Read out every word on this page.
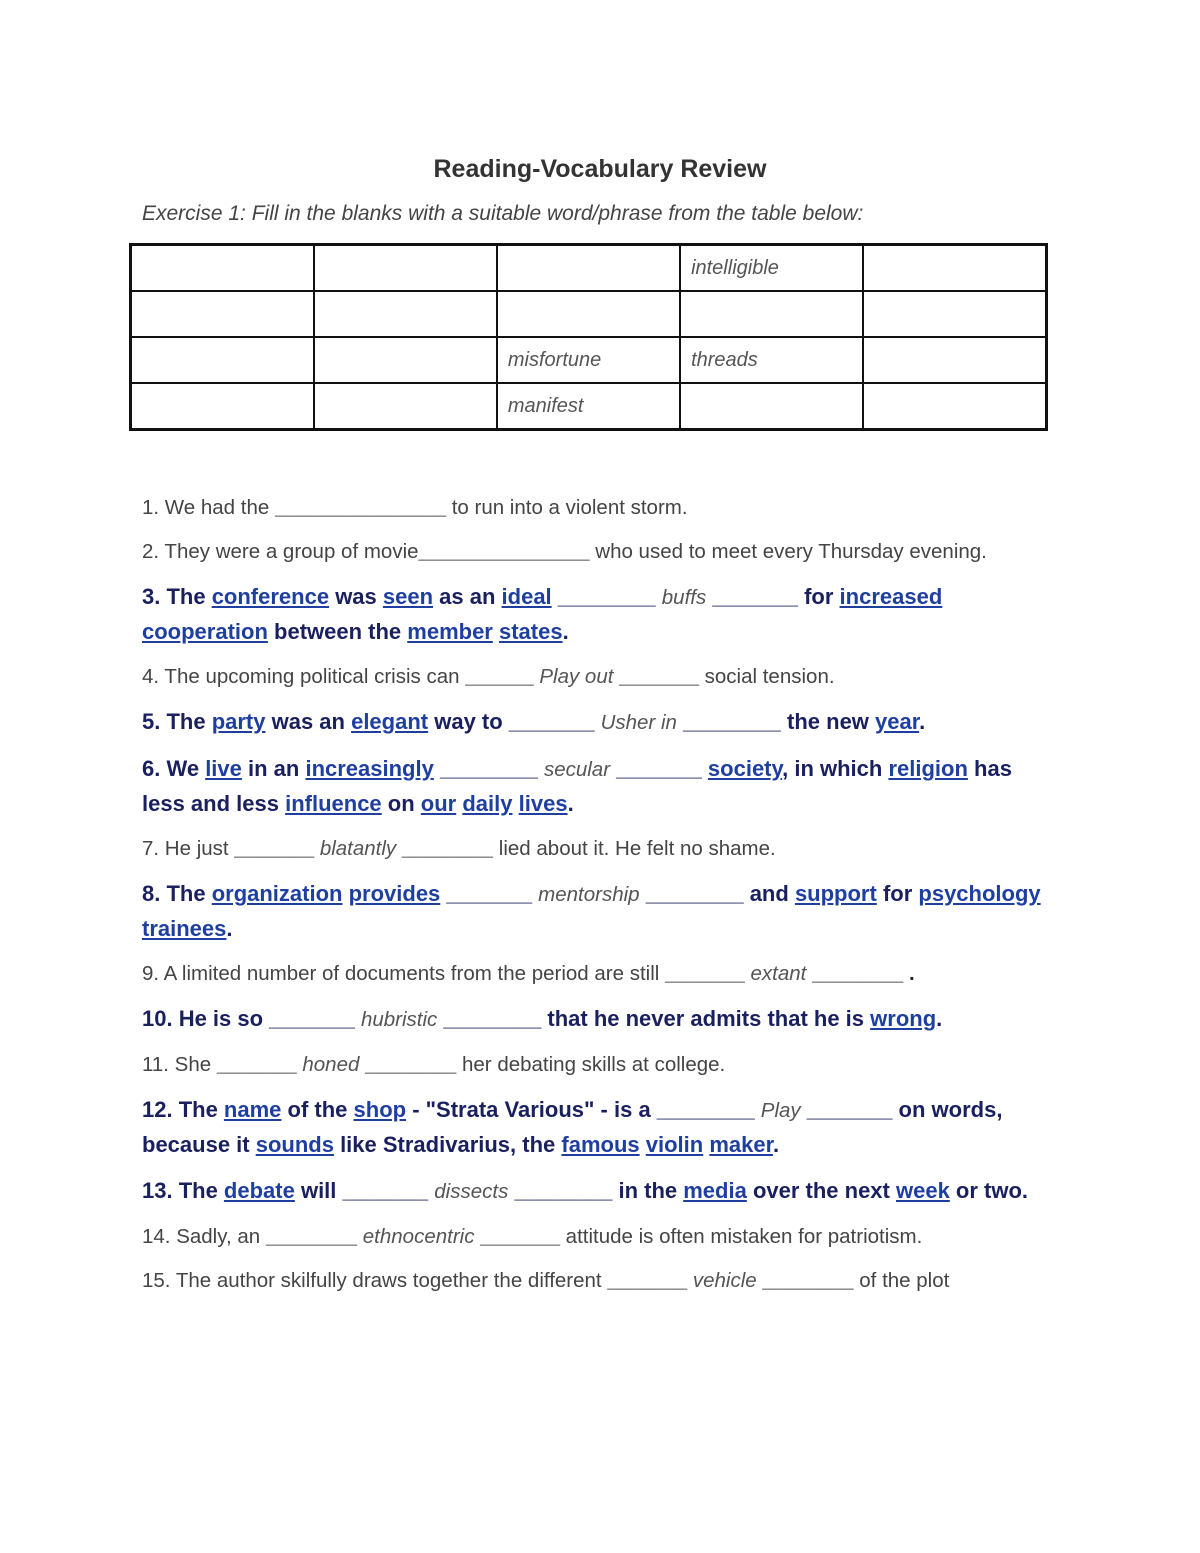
Reading-Vocabulary Review
Exercise 1: Fill in the blanks with a suitable word/phrase from the table below:
			intelligible	

		misfortune	threads	
		manifest		
1. We had the _______________ to run into a violent storm.
2. They were a group of movie_______________ who used to meet every Thursday evening.
3. The conference was seen as an ideal ________ buffs _______ for increased cooperation between the member states.
4. The upcoming political crisis can ______ Play out _______ social tension.
5. The party was an elegant way to _______ Usher in ________ the new year.
6. We live in an increasingly ________ secular _______ society, in which religion has less and less influence on our daily lives.
7. He just _______ blatantly ________ lied about it. He felt no shame.
8. The organization provides _______ mentorship ________ and support for psychology trainees.
9. A limited number of documents from the period are still _______ extant ________ .
10. He is so _______ hubristic ________ that he never admits that he is wrong.
11. She _______ honed ________ her debating skills at college.
12. The name of the shop - "Strata Various" - is a ________ Play _______ on words, because it sounds like Stradivarius, the famous violin maker.
13. The debate will _______ dissects ________ in the media over the next week or two.
14. Sadly, an ________ ethnocentric _______ attitude is often mistaken for patriotism.
15. The author skilfully draws together the different _______ vehicle ________ of the plot
